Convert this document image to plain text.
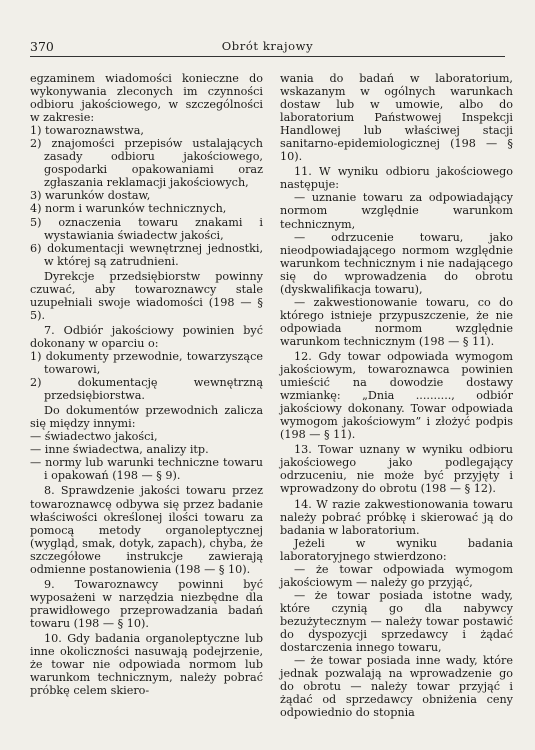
370	Obrót krajowy

egzaminem wiadomości konieczne do wykonywania zleconych im czynności odbioru jakościowego, w szczególności w zakresie:

1) towaroznawstwa,

2) znajomości przepisów ustalających zasady odbioru jakościowego, gospodarki opakowaniami oraz zgłaszania reklamacji jakościowych,

3) warunków dostaw,

4) norm i warunków technicznych,

5) oznaczenia towaru znakami i wystawiania świadectw jakości,

6) dokumentacji wewnętrznej jednostki, w której są zatrudnieni.

Dyrekcje przedsiębiorstw powinny czuwać, aby towaroznawcy stale uzupełniali swoje wiadomości (198 — § 5).

7. Odbiór jakościowy powinien być dokonany w oparciu o:

1) dokumenty przewodnie, towarzyszące towarowi,

2) dokumentację wewnętrzną przedsiębiorstwa.

Do dokumentów przewodnich zalicza się między innymi:

— świadectwo jakości,

— inne świadectwa, analizy itp.

— normy lub warunki techniczne towaru i opakowań (198 — § 9).

8. Sprawdzenie jakości towaru przez towaroznawcę odbywa się przez badanie właściwości określonej ilości towaru za pomocą metody organoleptycznej (wygląd, smak, dotyk, zapach), chyba, że szczegółowe instrukcje zawierają odmienne postanowienia (198 — § 10).

9. Towaroznawcy powinni być wyposażeni w narzędzia niezbędne dla prawidłowego przeprowadzania badań towaru (198 — § 10).

10. Gdy badania organoleptyczne lub inne okoliczności nasuwają podejrzenie, że towar nie odpowiada normom lub warunkom technicznym, należy pobrać próbkę celem skiero-

wania do badań w laboratorium, wskazanym w ogólnych warunkach dostaw lub w umowie, albo do laboratorium Państwowej Inspekcji Handlowej lub właściwej stacji sanitarno-epidemiologicznej (198 — § 10).

11. W wyniku odbioru jakościowego następuje:

— uznanie towaru za odpowiadający normom względnie warunkom technicznym,

— odrzucenie towaru, jako nieodpowiadającego normom względnie warunkom technicznym i nie nadającego się do wprowadzenia do obrotu (dyskwalifikacja towaru),

— zakwestionowanie towaru, co do którego istnieje przypuszczenie, że nie odpowiada normom względnie warunkom technicznym (198 — § 11).

12. Gdy towar odpowiada wymogom jakościowym, towaroznawca powinien umieścić na dowodzie dostawy wzmiankę: „Dnia .........., odbiór jakościowy dokonany. Towar odpowiada wymogom jakościowym” i złożyć podpis (198 — § 11).

13. Towar uznany w wyniku odbioru jakościowego jako podlegający odrzuceniu, nie może być przyjęty i wprowadzony do obrotu (198 — § 12).

14. W razie zakwestionowania towaru należy pobrać próbkę i skierować ją do badania w laboratorium.

Jeżeli w wyniku badania laboratoryjnego stwierdzono:

— że towar odpowiada wymogom jakościowym — należy go przyjąć,

— że towar posiada istotne wady, które czynią go dla nabywcy bezużytecznym — należy towar postawić do dyspozycji sprzedawcy i żądać dostarczenia innego towaru,

— że towar posiada inne wady, które jednak pozwalają na wprowadzenie go do obrotu — należy towar przyjąć i żądać od sprzedawcy obniżenia ceny odpowiednio do stopnia
